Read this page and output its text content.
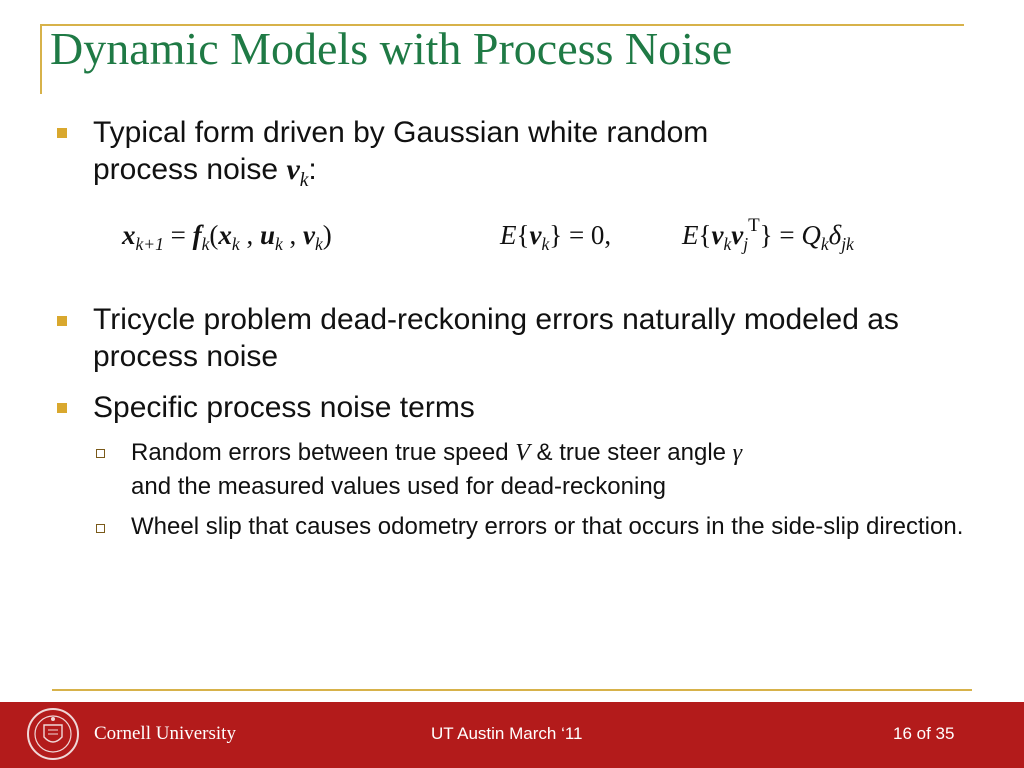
Dynamic Models with Process Noise
Typical form driven by Gaussian white random
process noise $v_k$:
$x_{k+1} = f_k(x_k$ , $u_k$ , $v_k$)	$E\{v_k\} = 0$,	$E\{v_kv_j^T\} = Q_k\delta_{jk}$
Tricycle problem dead-reckoning errors naturally modeled as process noise
Specific process noise terms
Random errors between true speed V & true steer angle γ
and the measured values used for dead-reckoning
Wheel slip that causes odometry errors or that occurs in the side-slip direction.
Cornell University	UT Austin March ‘11	16 of 35
